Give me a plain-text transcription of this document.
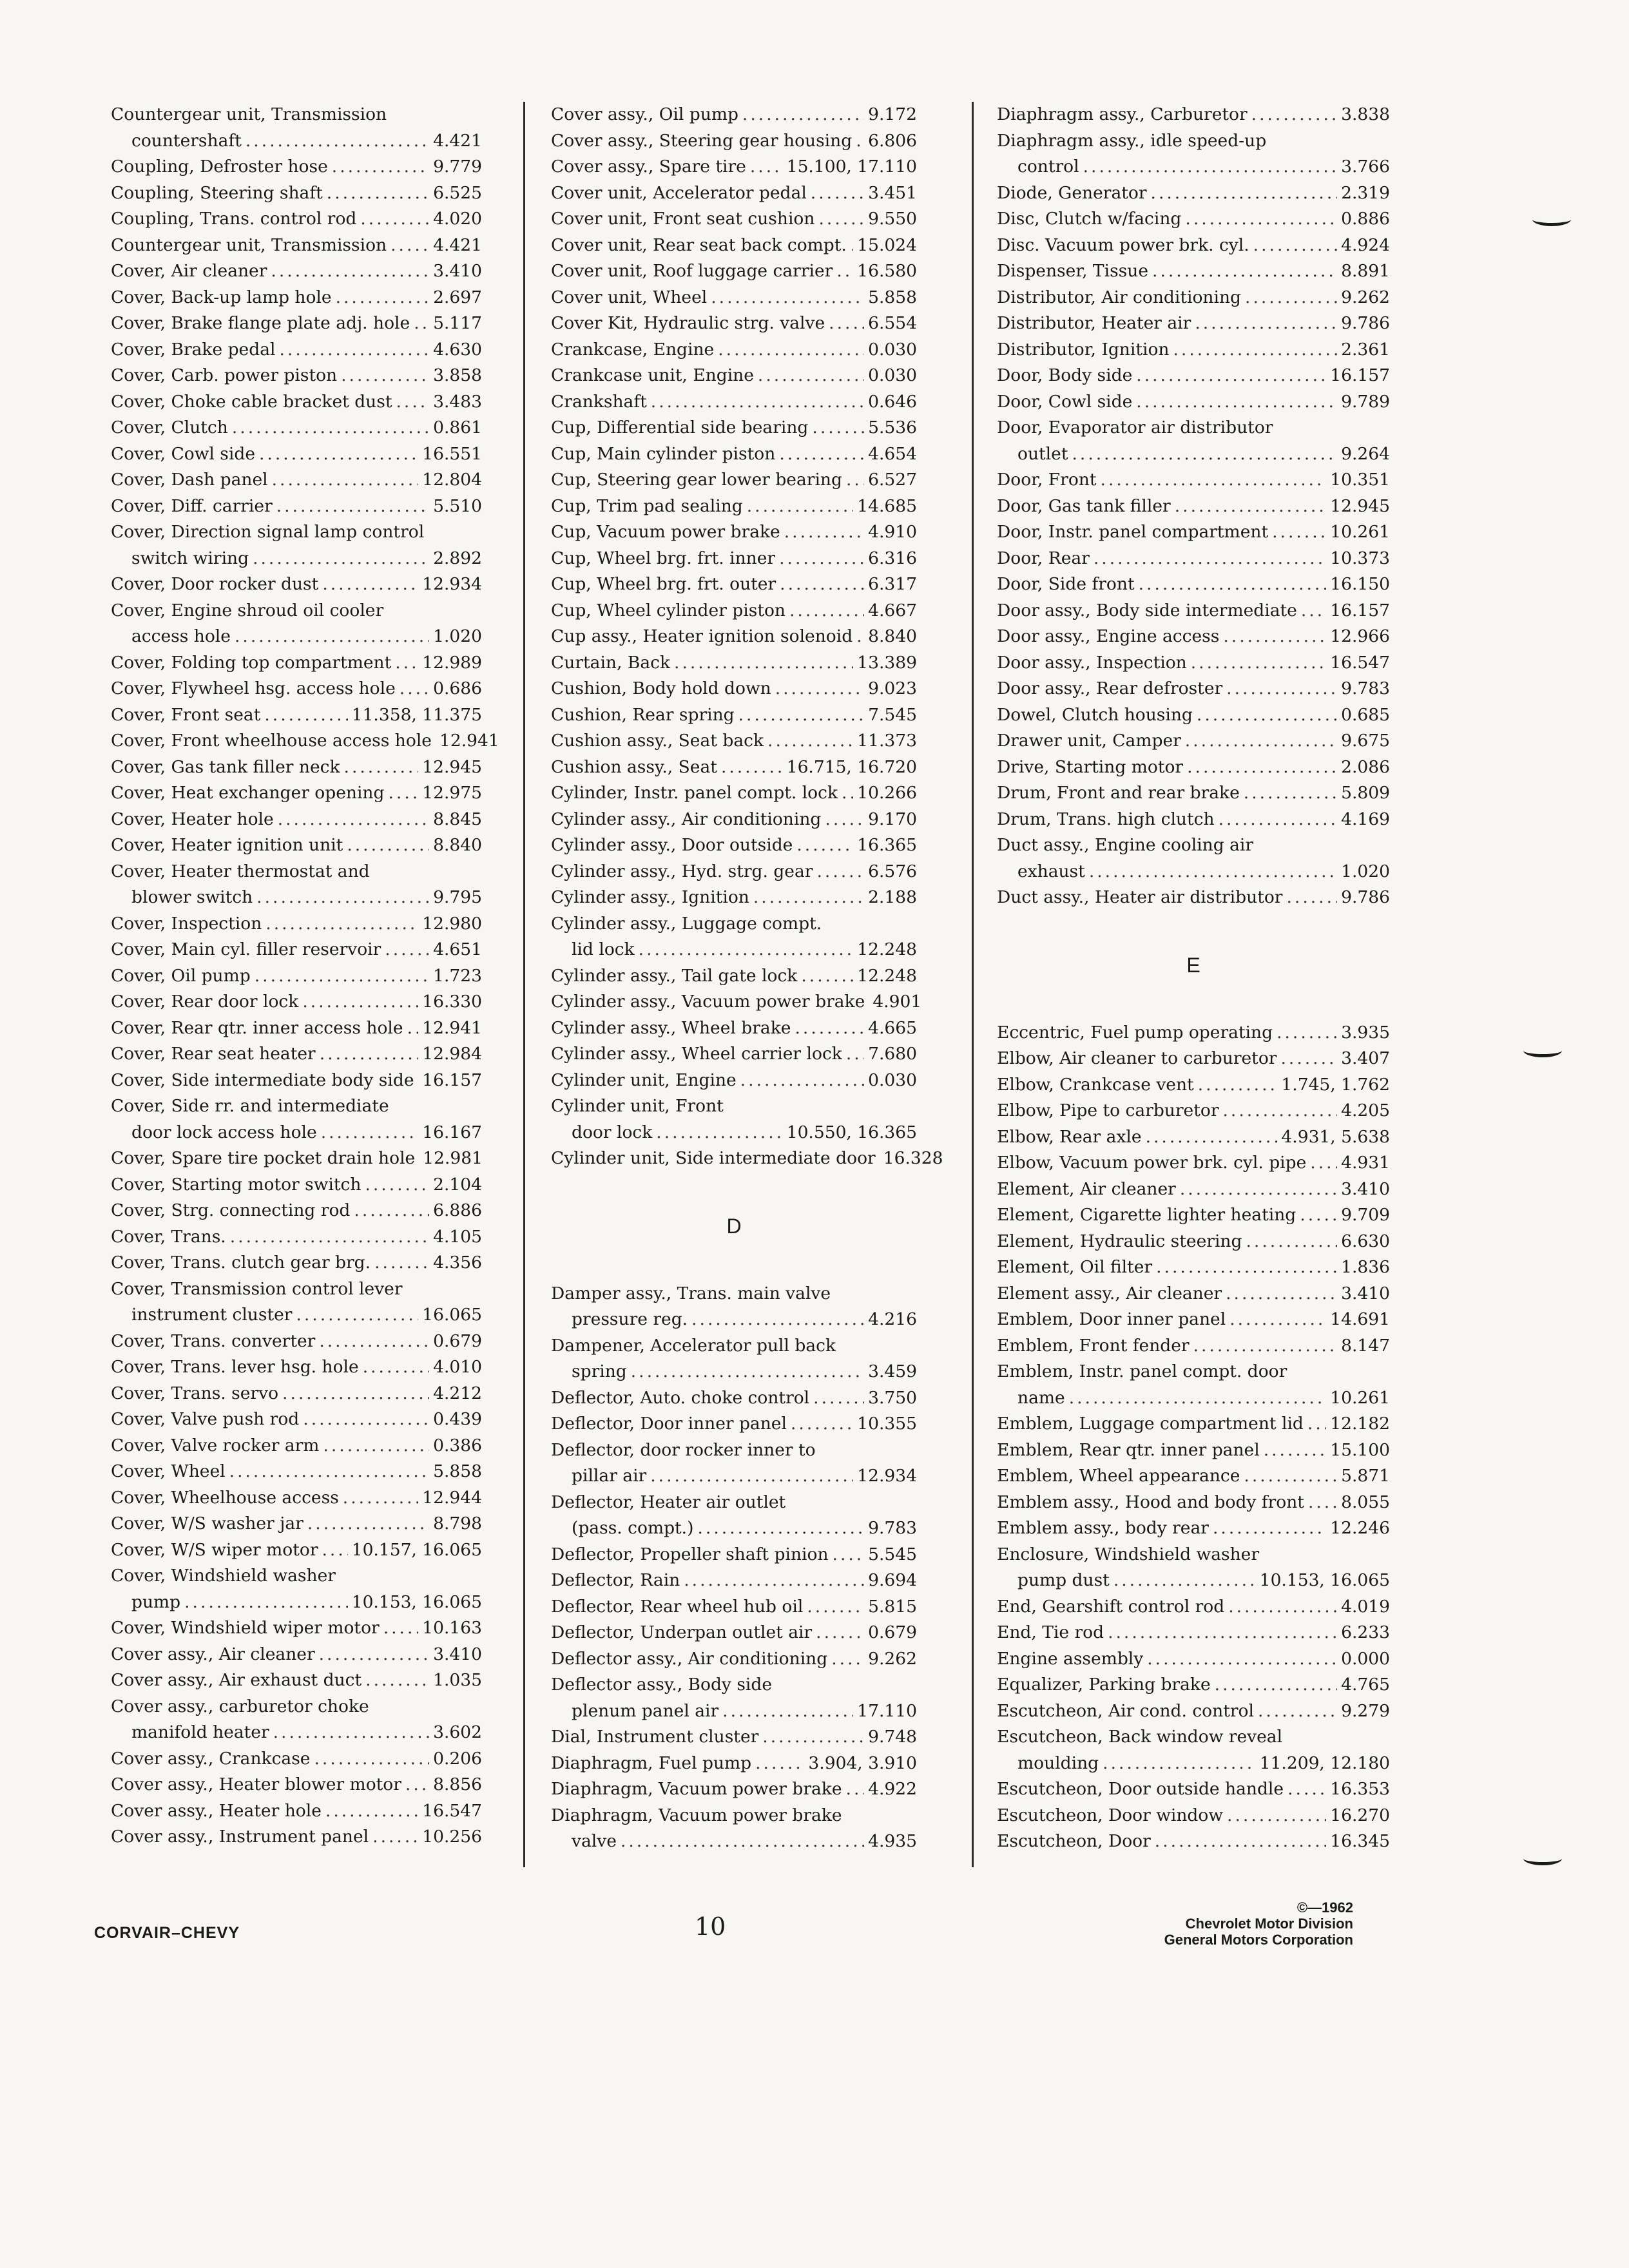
Countergear unit, Transmission
countershaft .....	4.421
Coupling, Defroster hose .....	9.779
Coupling, Steering shaft .....	6.525
Coupling, Trans. control rod .....	4.020
Countergear unit, Transmission .....	4.421
Cover, Air cleaner .....	3.410
Cover, Back-up lamp hole .....	2.697
Cover, Brake flange plate adj. hole ..... 5.117
Cover, Brake pedal .....	4.630
Cover, Carb. power piston .....	3.858
Cover, Choke cable bracket dust ..... 3.483
Cover, Clutch .....	0.861
Cover, Cowl side .....	16.551
Cover, Dash panel .....	12.804
Cover, Diff. carrier .....	5.510
Cover, Direction signal lamp control
switch wiring .....	2.892
Cover, Door rocker dust .....	12.934
Cover, Engine shroud oil cooler
access hole .....	1.020
Cover, Folding top compartment ..... 12.989
Cover, Flywheel hsg. access hole ..... 0.686
Cover, Front seat .....	11.358, 11.375
Cover, Front wheelhouse access hole 12.941
Cover, Gas tank filler neck .....	12.945
Cover, Heat exchanger opening ..... 12.975
Cover, Heater hole .....	8.845
Cover, Heater ignition unit .....	8.840
Cover, Heater thermostat and
blower switch .....	9.795
Cover, Inspection .....	12.980
Cover, Main cyl. filler reservoir .....	4.651
Cover, Oil pump .....	1.723
Cover, Rear door lock .....	16.330
Cover, Rear qtr. inner access hole ..... 12.941
Cover, Rear seat heater .....	12.984
Cover, Side intermediate body side ..... 16.157
Cover, Side rr. and intermediate
door lock access hole .....	16.167
Cover, Spare tire pocket drain hole 12.981
Cover, Starting motor switch .....	2.104
Cover, Strg. connecting rod .....	6.886
Cover, Trans. .....	4.105
Cover, Trans. clutch gear brg. .....	4.356
Cover, Transmission control lever
instrument cluster .....	16.065
Cover, Trans. converter .....	0.679
Cover, Trans. lever hsg. hole .....	4.010
Cover, Trans. servo .....	4.212
Cover, Valve push rod .....	0.439
Cover, Valve rocker arm .....	0.386
Cover, Wheel .....	5.858
Cover, Wheelhouse access .....	12.944
Cover, W/S washer jar .....	8.798
Cover, W/S wiper motor ..... 10.157, 16.065
Cover, Windshield washer
pump .....	10.153, 16.065
Cover, Windshield wiper motor .....	10.163
Cover assy., Air cleaner .....	3.410
Cover assy., Air exhaust duct .....	1.035
Cover assy., carburetor choke
manifold heater .....	3.602
Cover assy., Crankcase .....	0.206
Cover assy., Heater blower motor ..... 8.856
Cover assy., Heater hole .....	16.547
Cover assy., Instrument panel .....	10.256
Cover assy., Oil pump .....	9.172
Cover assy., Steering gear housing ..... 6.806
Cover assy., Spare tire ..... 15.100, 17.110
Cover unit, Accelerator pedal .....	3.451
Cover unit, Front seat cushion .....	9.550
Cover unit, Rear seat back compt. ..... 15.024
Cover unit, Roof luggage carrier ..... 16.580
Cover unit, Wheel .....	5.858
Cover Kit, Hydraulic strg. valve .....	6.554
Crankcase, Engine .....	0.030
Crankcase unit, Engine .....	0.030
Crankshaft .....	0.646
Cup, Differential side bearing .....	5.536
Cup, Main cylinder piston .....	4.654
Cup, Steering gear lower bearing ..... 6.527
Cup, Trim pad sealing .....	14.685
Cup, Vacuum power brake .....	4.910
Cup, Wheel brg. frt. inner .....	6.316
Cup, Wheel brg. frt. outer .....	6.317
Cup, Wheel cylinder piston .....	4.667
Cup assy., Heater ignition solenoid ..... 8.840
Curtain, Back .....	13.389
Cushion, Body hold down .....	9.023
Cushion, Rear spring .....	7.545
Cushion assy., Seat back .....	11.373
Cushion assy., Seat .....	16.715, 16.720
Cylinder, Instr. panel compt. lock ..... 10.266
Cylinder assy., Air conditioning .....	9.170
Cylinder assy., Door outside .....	16.365
Cylinder assy., Hyd. strg. gear .....	6.576
Cylinder assy., Ignition .....	2.188
Cylinder assy., Luggage compt.
lid lock .....	12.248
Cylinder assy., Tail gate lock .....	12.248
Cylinder assy., Vacuum power brake 4.901
Cylinder assy., Wheel brake .....	4.665
Cylinder assy., Wheel carrier lock ..... 7.680
Cylinder unit, Engine .....	0.030
Cylinder unit, Front
door lock .....	10.550, 16.365
Cylinder unit, Side intermediate door 16.328
D
Damper assy., Trans. main valve
pressure reg. .....	4.216
Dampener, Accelerator pull back
spring .....	3.459
Deflector, Auto. choke control .....	3.750
Deflector, Door inner panel .....	10.355
Deflector, door rocker inner to
pillar air .....	12.934
Deflector, Heater air outlet
(pass. compt.) .....	9.783
Deflector, Propeller shaft pinion ..... 5.545
Deflector, Rain .....	9.694
Deflector, Rear wheel hub oil .....	5.815
Deflector, Underpan outlet air .....	0.679
Deflector assy., Air conditioning ..... 9.262
Deflector assy., Body side
plenum panel air .....	17.110
Dial, Instrument cluster .....	9.748
Diaphragm, Fuel pump .....	3.904, 3.910
Diaphragm, Vacuum power brake ..... 4.922
Diaphragm, Vacuum power brake
valve .....	4.935
Diaphragm assy., Carburetor .....	3.838
Diaphragm assy., idle speed-up
control .....	3.766
Diode, Generator .....	2.319
Disc, Clutch w/facing .....	0.886
Disc. Vacuum power brk. cyl. .....	4.924
Dispenser, Tissue .....	8.891
Distributor, Air conditioning .....	9.262
Distributor, Heater air .....	9.786
Distributor, Ignition .....	2.361
Door, Body side .....	16.157
Door, Cowl side .....	9.789
Door, Evaporator air distributor
outlet .....	9.264
Door, Front .....	10.351
Door, Gas tank filler .....	12.945
Door, Instr. panel compartment .....	10.261
Door, Rear .....	10.373
Door, Side front .....	16.150
Door assy., Body side intermediate ..... 16.157
Door assy., Engine access .....	12.966
Door assy., Inspection .....	16.547
Door assy., Rear defroster .....	9.783
Dowel, Clutch housing .....	0.685
Drawer unit, Camper .....	9.675
Drive, Starting motor .....	2.086
Drum, Front and rear brake .....	5.809
Drum, Trans. high clutch .....	4.169
Duct assy., Engine cooling air
exhaust .....	1.020
Duct assy., Heater air distributor .....	9.786
E
Eccentric, Fuel pump operating .....	3.935
Elbow, Air cleaner to carburetor .....	3.407
Elbow, Crankcase vent .....	1.745, 1.762
Elbow, Pipe to carburetor .....	4.205
Elbow, Rear axle .....	4.931, 5.638
Elbow, Vacuum power brk. cyl. pipe ..... 4.931
Element, Air cleaner .....	3.410
Element, Cigarette lighter heating .....	9.709
Element, Hydraulic steering .....	6.630
Element, Oil filter .....	1.836
Element assy., Air cleaner .....	3.410
Emblem, Door inner panel .....	14.691
Emblem, Front fender .....	8.147
Emblem, Instr. panel compt. door
name .....	10.261
Emblem, Luggage compartment lid ..... 12.182
Emblem, Rear qtr. inner panel .....	15.100
Emblem, Wheel appearance .....	5.871
Emblem assy., Hood and body front ..... 8.055
Emblem assy., body rear .....	12.246
Enclosure, Windshield washer
pump dust .....	10.153, 16.065
End, Gearshift control rod .....	4.019
End, Tie rod .....	6.233
Engine assembly .....	0.000
Equalizer, Parking brake .....	4.765
Escutcheon, Air cond. control .....	9.279
Escutcheon, Back window reveal
moulding .....	11.209, 12.180
Escutcheon, Door outside handle .....	16.353
Escutcheon, Door window .....	16.270
Escutcheon, Door .....	16.345
CORVAIR–CHEVY	10
©—1962
Chevrolet Motor Division
General Motors Corporation
